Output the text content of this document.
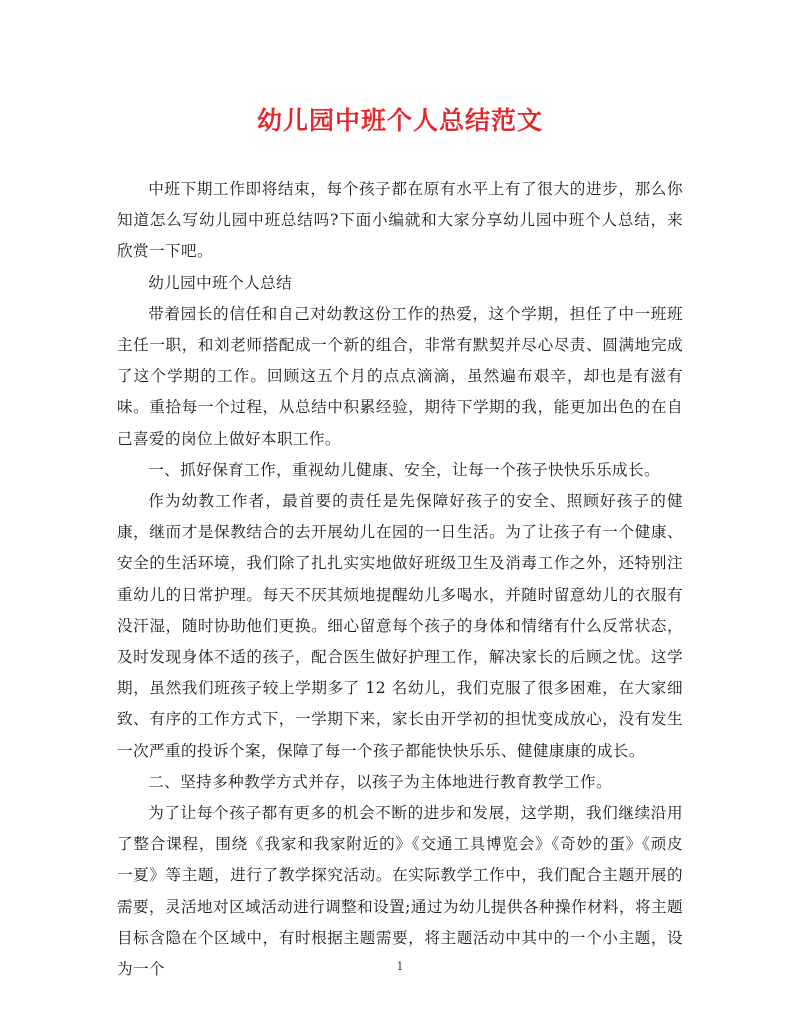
幼儿园中班个人总结范文

中班下期工作即将结束，每个孩子都在原有水平上有了很大的进步，那么你知道怎么写幼儿园中班总结吗?下面小编就和大家分享幼儿园中班个人总结，来欣赏一下吧。

幼儿园中班个人总结

带着园长的信任和自己对幼教这份工作的热爱，这个学期，担任了中一班班主任一职，和刘老师搭配成一个新的组合，非常有默契并尽心尽责、圆满地完成了这个学期的工作。回顾这五个月的点点滴滴，虽然遍布艰辛，却也是有滋有味。重拾每一个过程，从总结中积累经验，期待下学期的我，能更加出色的在自己喜爱的岗位上做好本职工作。

一、抓好保育工作，重视幼儿健康、安全，让每一个孩子快快乐乐成长。

作为幼教工作者，最首要的责任是先保障好孩子的安全、照顾好孩子的健康，继而才是保教结合的去开展幼儿在园的一日生活。为了让孩子有一个健康、安全的生活环境，我们除了扎扎实实地做好班级卫生及消毒工作之外，还特别注重幼儿的日常护理。每天不厌其烦地提醒幼儿多喝水，并随时留意幼儿的衣服有没汗湿，随时协助他们更换。细心留意每个孩子的身体和情绪有什么反常状态，及时发现身体不适的孩子，配合医生做好护理工作，解决家长的后顾之忧。这学期，虽然我们班孩子较上学期多了 12 名幼儿，我们克服了很多困难，在大家细致、有序的工作方式下，一学期下来，家长由开学初的担忧变成放心，没有发生一次严重的投诉个案，保障了每一个孩子都能快快乐乐、健健康康的成长。

二、坚持多种教学方式并存，以孩子为主体地进行教育教学工作。

为了让每个孩子都有更多的机会不断的进步和发展，这学期，我们继续沿用了整合课程，围绕《我家和我家附近的》《交通工具博览会》《奇妙的蛋》《顽皮一夏》等主题，进行了教学探究活动。在实际教学工作中，我们配合主题开展的需要，灵活地对区域活动进行调整和设置;通过为幼儿提供各种操作材料，将主题目标含隐在个区域中，有时根据主题需要，将主题活动中其中的一个小主题，设为一个	1
